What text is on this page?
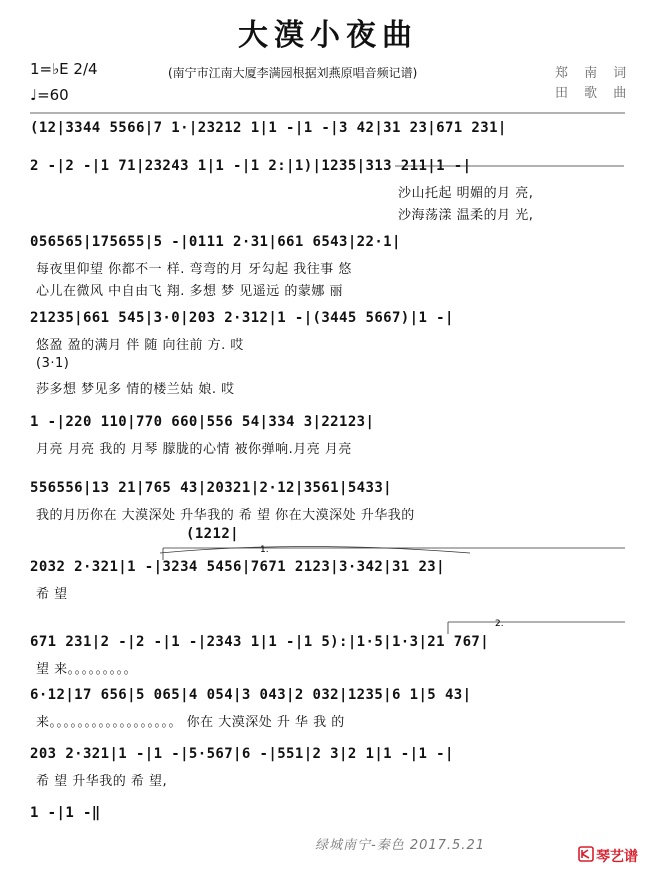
大漠小夜曲
1=♭E 2/4
♩=60
(南宁市江南大厦李满园根据刘燕原唱音频记谱)	郑 南 词
田 歌 曲
(12|3344 5566|7 1·|23212 1|1 -|1 -|3 42|31 23|671 231|
2 -|2 -|1 71|23243 1|1 -|1 2:|1)|1235|313 211|1 -|
沙山托起 明媚的月 亮,
沙海荡漾 温柔的月 光,
056565|175655|5 -|0111 2·31|661 6543|22·1|
每夜里仰望 你都不一 样. 弯弯的月 牙勾起 我往事 悠
心儿在微风 中自由飞 翔. 多想 梦 见遥远 的蒙娜 丽
21235|661 545|3·0|203 2·312|1 -|(3445 5667)|1 -|
悠盈 盈的满月 伴 随 向往前 方. 哎
(3·1)
莎多想 梦见多 情的楼兰姑 娘. 哎
1 -|220 110|770 660|556 54|334 3|22123|
月亮 月亮 我的 月琴 朦胧的心情 被你弹响.月亮 月亮
556556|13 21|765 43|20321|2·12|3561|5433|
我的月历你在 大漠深处 升华我的 希 望 你在大漠深处 升华我的
(1212|
2032 2·321|1 -|3234 5456|7671 2123|3·342|31 23|
希 望
671 231|2 -|2 -|1 -|2343 1|1 -|1 5):|1·5|1·3|21 767|
望 来。。。。。。。。。
6·12|17 656|5 065|4 054|3 043|2 032|1235|6 1|5 43|
来。。。。。。。。。。。。。。。。。。 你在 大漠深处 升 华 我 的
203 2·321|1 -|1 -|5·567|6 -|551|2 3|2 1|1 -|1 -|
希 望 升华我的 希 望,
1 -|1 -‖
1.
2.
绿城南宁-秦色 2017.5.21
琴艺谱
